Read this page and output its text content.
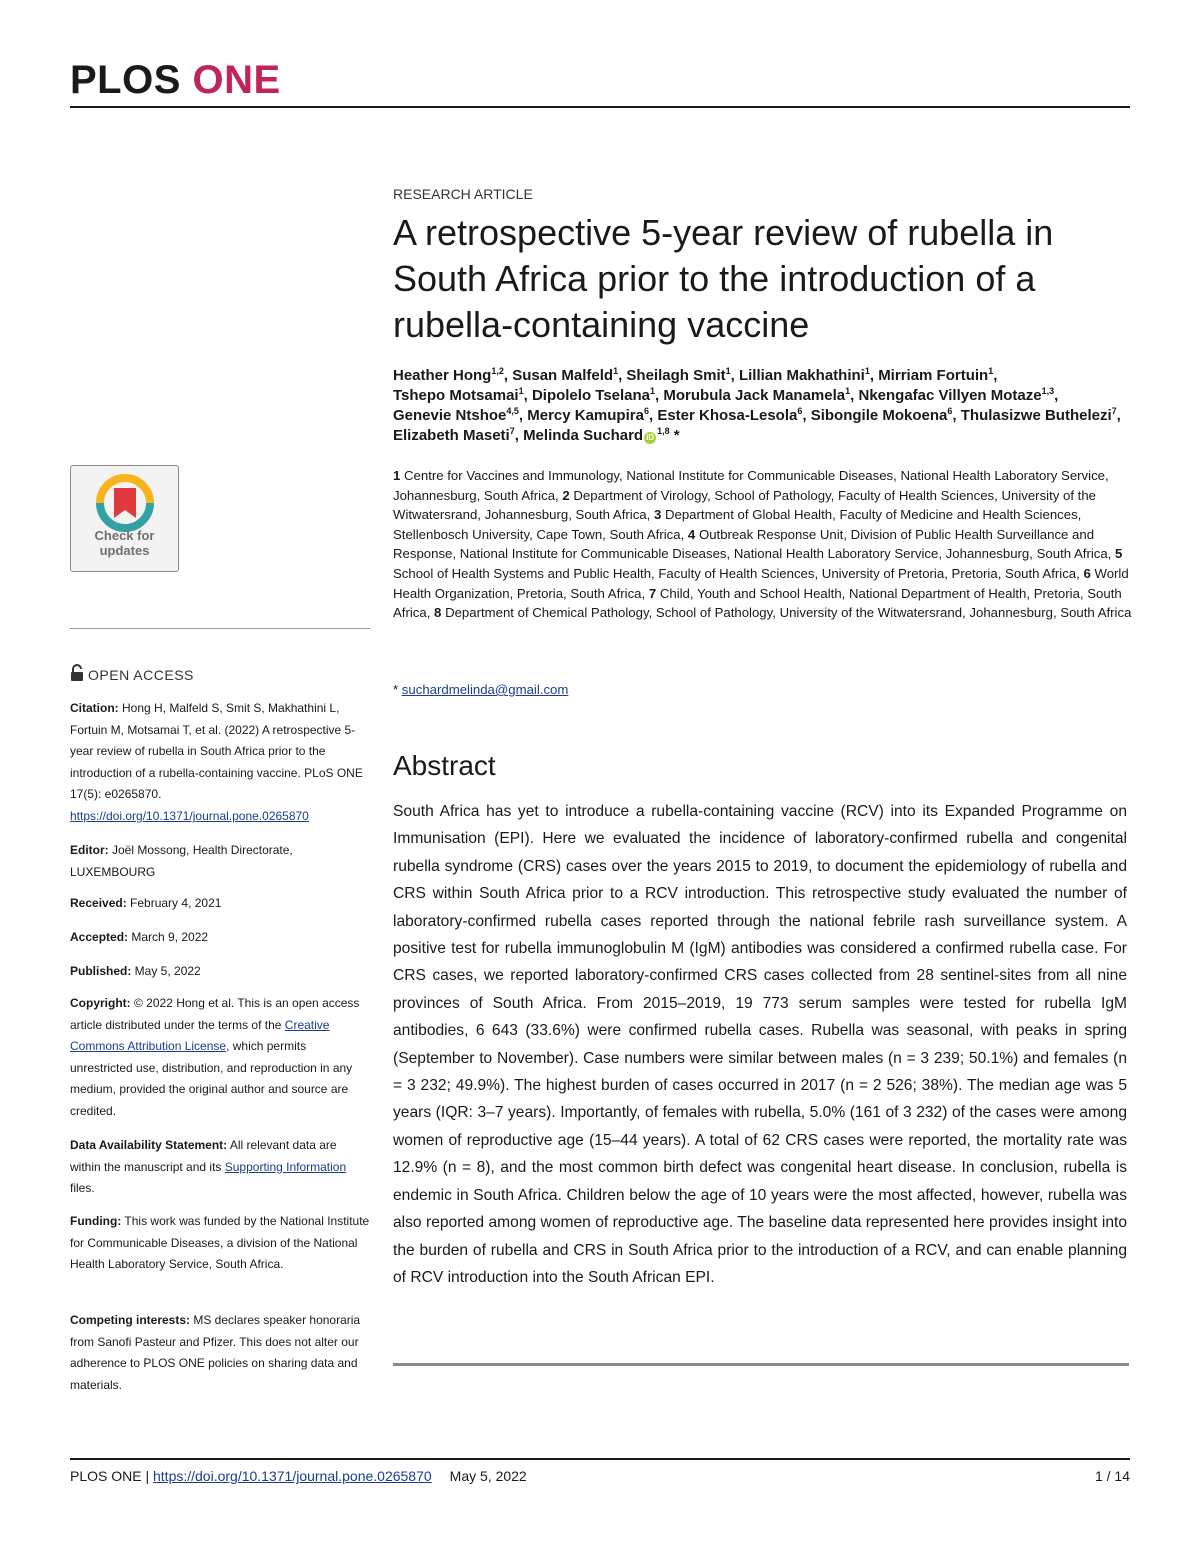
PLOS ONE
RESEARCH ARTICLE
A retrospective 5-year review of rubella in South Africa prior to the introduction of a rubella-containing vaccine
Heather Hong$^{1,2}$, Susan Malfeld$^1$, Sheilagh Smit$^1$, Lillian Makhathini$^1$, Mirriam Fortuin$^1$, Tshepo Motsamai$^1$, Dipolelo Tselana$^1$, Morubula Jack Manamela$^1$, Nkengafac Villyen Motaze$^{1,3}$, Genevie Ntshoe$^{4,5}$, Mercy Kamupira$^6$, Ester Khosa-Lesola$^6$, Sibongile Mokoena$^6$, Thulasizwe Buthelezi$^7$, Elizabeth Maseti$^7$, Melinda Suchard iD$^{1,8}$ *
1 Centre for Vaccines and Immunology, National Institute for Communicable Diseases, National Health Laboratory Service, Johannesburg, South Africa, 2 Department of Virology, School of Pathology, Faculty of Health Sciences, University of the Witwatersrand, Johannesburg, South Africa, 3 Department of Global Health, Faculty of Medicine and Health Sciences, Stellenbosch University, Cape Town, South Africa, 4 Outbreak Response Unit, Division of Public Health Surveillance and Response, National Institute for Communicable Diseases, National Health Laboratory Service, Johannesburg, South Africa, 5 School of Health Systems and Public Health, Faculty of Health Sciences, University of Pretoria, Pretoria, South Africa, 6 World Health Organization, Pretoria, South Africa, 7 Child, Youth and School Health, National Department of Health, Pretoria, South Africa, 8 Department of Chemical Pathology, School of Pathology, University of the Witwatersrand, Johannesburg, South Africa
* suchardmelinda@gmail.com
Abstract
South Africa has yet to introduce a rubella-containing vaccine (RCV) into its Expanded Programme on Immunisation (EPI). Here we evaluated the incidence of laboratory-confirmed rubella and congenital rubella syndrome (CRS) cases over the years 2015 to 2019, to document the epidemiology of rubella and CRS within South Africa prior to a RCV introduction. This retrospective study evaluated the number of laboratory-confirmed rubella cases reported through the national febrile rash surveillance system. A positive test for rubella immunoglobulin M (IgM) antibodies was considered a confirmed rubella case. For CRS cases, we reported laboratory-confirmed CRS cases collected from 28 sentinel-sites from all nine provinces of South Africa. From 2015–2019, 19 773 serum samples were tested for rubella IgM antibodies, 6 643 (33.6%) were confirmed rubella cases. Rubella was seasonal, with peaks in spring (September to November). Case numbers were similar between males (n = 3 239; 50.1%) and females (n = 3 232; 49.9%). The highest burden of cases occurred in 2017 (n = 2 526; 38%). The median age was 5 years (IQR: 3–7 years). Importantly, of females with rubella, 5.0% (161 of 3 232) of the cases were among women of reproductive age (15–44 years). A total of 62 CRS cases were reported, the mortality rate was 12.9% (n = 8), and the most common birth defect was congenital heart disease. In conclusion, rubella is endemic in South Africa. Children below the age of 10 years were the most affected, however, rubella was also reported among women of reproductive age. The baseline data represented here provides insight into the burden of rubella and CRS in South Africa prior to the introduction of a RCV, and can enable planning of RCV introduction into the South African EPI.
Check for
updates
OPEN ACCESS
Citation: Hong H, Malfeld S, Smit S, Makhathini L, Fortuin M, Motsamai T, et al. (2022) A retrospective 5-year review of rubella in South Africa prior to the introduction of a rubella-containing vaccine. PLoS ONE 17(5): e0265870. https://doi.org/10.1371/journal.pone.0265870
Editor: Joël Mossong, Health Directorate, LUXEMBOURG
Received: February 4, 2021
Accepted: March 9, 2022
Published: May 5, 2022
Copyright: © 2022 Hong et al. This is an open access article distributed under the terms of the Creative Commons Attribution License, which permits unrestricted use, distribution, and reproduction in any medium, provided the original author and source are credited.
Data Availability Statement: All relevant data are within the manuscript and its Supporting Information files.
Funding: This work was funded by the National Institute for Communicable Diseases, a division of the National Health Laboratory Service, South Africa.
Competing interests: MS declares speaker honoraria from Sanofi Pasteur and Pfizer. This does not alter our adherence to PLOS ONE policies on sharing data and materials.
PLOS ONE | https://doi.org/10.1371/journal.pone.0265870 May 5, 2022	1 / 14
